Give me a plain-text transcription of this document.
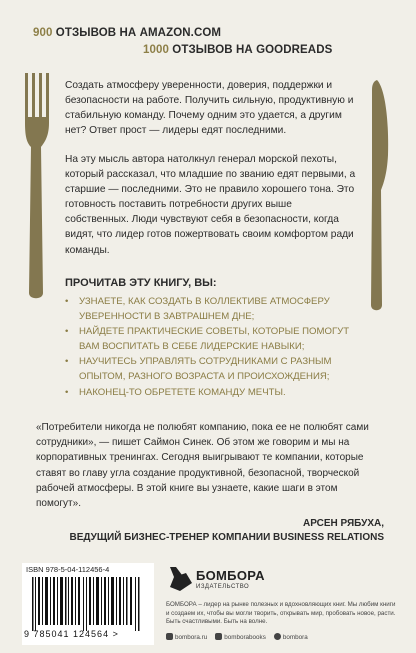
900 ОТЗЫВОВ НА AMAZON.COM
1000 ОТЗЫВОВ НА GOODREADS
Создать атмосферу уверенности, доверия, поддержки и безопасности на работе. Получить сильную, продуктивную и стабильную команду. Почему одним это удается, а другим нет? Ответ прост — лидеры едят последними.
На эту мысль автора натолкнул генерал морской пехоты, который рассказал, что младшие по званию едят первыми, а старшие — последними. Это не правило хорошего тона. Это готовность поставить потребности других выше собственных. Люди чувствуют себя в безопасности, когда видят, что лидер готов пожертвовать своим комфортом ради команды.
ПРОЧИТАВ ЭТУ КНИГУ, ВЫ:
•	УЗНАЕТЕ, КАК СОЗДАТЬ В КОЛЛЕКТИВЕ АТМОСФЕРУ УВЕРЕННОСТИ В ЗАВТРАШНЕМ ДНЕ;
•	НАЙДЕТЕ ПРАКТИЧЕСКИЕ СОВЕТЫ, КОТОРЫЕ ПОМОГУТ ВАМ ВОСПИТАТЬ В СЕБЕ ЛИДЕРСКИЕ НАВЫКИ;
•	НАУЧИТЕСЬ УПРАВЛЯТЬ СОТРУДНИКАМИ С РАЗНЫМ ОПЫТОМ, РАЗНОГО ВОЗРАСТА И ПРОИСХОЖДЕНИЯ;
•	НАКОНЕЦ-ТО ОБРЕТЕТЕ КОМАНДУ МЕЧТЫ.
«Потребители никогда не полюбят компанию, пока ее не полюбят сами сотрудники», — пишет Саймон Синек. Об этом же говорим и мы на корпоративных тренингах. Сегодня выигрывают те компании, которые ставят во главу угла создание продуктивной, безопасной, творческой рабочей атмосферы. В этой книге вы узнаете, какие шаги в этом помогут».
АРСЕН РЯБУХА,
ВЕДУЩИЙ БИЗНЕС-ТРЕНЕР КОМПАНИИ BUSINESS RELATIONS
ISBN 978-5-04-112456-4
9 785041 124564 >
БОМБОРА
ИЗДАТЕЛЬСТВО
БОМБОРА – лидер на рынке полезных и вдохновляющих книг. Мы любим книги и создаем их, чтобы вы могли творить, открывать мир, пробовать новое, расти. Быть счастливыми. Быть на волне.
bombora.ru	bomborabooks	bombora
